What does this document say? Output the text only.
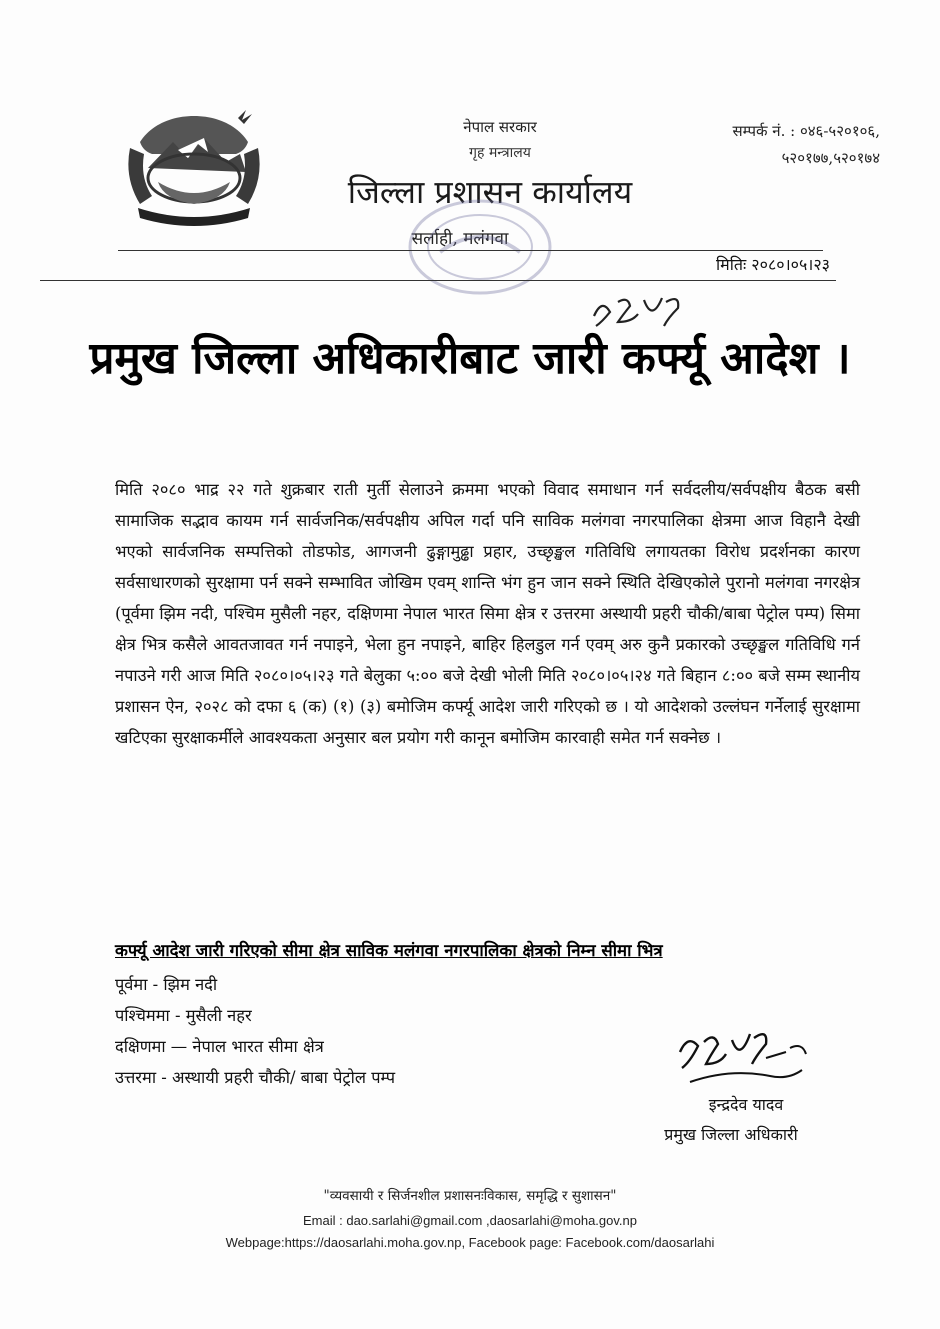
· · · · · · · · · · · · · ·
नेपाल सरकार
गृह मन्त्रालय
जिल्ला प्रशासन कार्यालय
सर्लाही, मलंगवा
सम्पर्क नं. : ०४६-५२०१०६,
५२०१७७,५२०१७४
मितिः २०८०।०५।२३
प्रमुख जिल्ला अधिकारीबाट जारी कर्फ्यू आदेश ।
मिति २०८० भाद्र २२ गते शुक्रबार राती मुर्ती सेलाउने क्रममा भएको विवाद समाधान गर्न सर्वदलीय/सर्वपक्षीय बैठक बसी सामाजिक सद्भाव कायम गर्न सार्वजनिक/सर्वपक्षीय अपिल गर्दा पनि साविक मलंगवा नगरपालिका क्षेत्रमा आज विहानै देखी भएको सार्वजनिक सम्पत्तिको तोडफोड, आगजनी ढुङ्गामुढ्ढा प्रहार, उच्छृङ्खल गतिविधि लगायतका विरोध प्रदर्शनका कारण सर्वसाधारणको सुरक्षामा पर्न सक्ने सम्भावित जोखिम एवम् शान्ति भंग हुन जान सक्ने स्थिति देखिएकोले पुरानो मलंगवा नगरक्षेत्र (पूर्वमा झिम नदी, पश्चिम मुसैली नहर, दक्षिणमा नेपाल भारत सिमा क्षेत्र र उत्तरमा अस्थायी प्रहरी चौकी/बाबा पेट्रोल पम्प) सिमा क्षेत्र भित्र कसैले आवतजावत गर्न नपाइने, भेला हुन नपाइने, बाहिर हिलडुल गर्न एवम् अरु कुनै प्रकारको उच्छृङ्खल गतिविधि गर्न नपाउने गरी आज मिति २०८०।०५।२३ गते बेलुका ५:०० बजे देखी भोली मिति २०८०।०५।२४ गते बिहान ८:०० बजे सम्म स्थानीय प्रशासन ऐन, २०२८ को दफा ६ (क) (१) (३) बमोजिम कर्फ्यू आदेश जारी गरिएको छ । यो आदेशको उल्लंघन गर्नेलाई सुरक्षामा खटिएका सुरक्षाकर्मीले आवश्यकता अनुसार बल प्रयोग गरी कानून बमोजिम कारवाही समेत गर्न सक्नेछ ।
कर्फ्यू आदेश जारी गरिएको सीमा क्षेत्र साविक मलंगवा नगरपालिका क्षेत्रको निम्न सीमा भित्र
पूर्वमा - झिम नदी
पश्चिममा - मुसैली नहर
दक्षिणमा — नेपाल भारत सीमा क्षेत्र
उत्तरमा - अस्थायी प्रहरी चौकी/ बाबा पेट्रोल पम्प
इन्द्रदेव यादव
प्रमुख जिल्ला अधिकारी
"व्यवसायी र सिर्जनशील प्रशासनःविकास, समृद्धि र सुशासन"
Email : dao.sarlahi@gmail.com ,daosarlahi@moha.gov.np
Webpage:https://daosarlahi.moha.gov.np, Facebook page: Facebook.com/daosarlahi
